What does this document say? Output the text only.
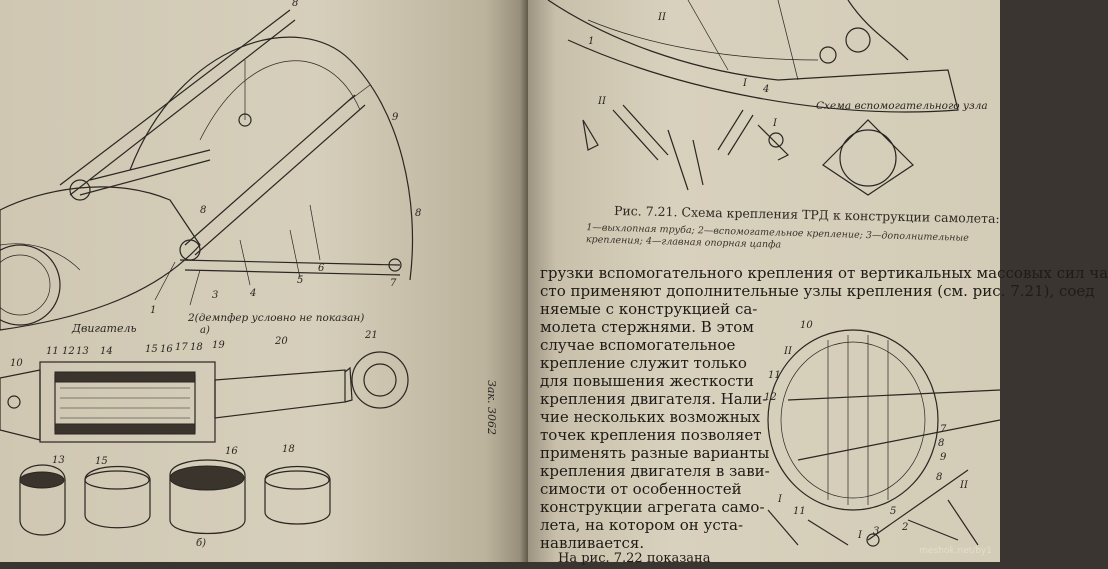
8
9
8	8
1
3	4
5
6
7
Двигатель
2(демпфер условно не показан)
а)
10
11 12 13 14	15 16 17 18 19	20
21
13	15
16	18
б)
Зак. 3062
1
II
I
4
Схема вспомогательного узла
II
I
Рис. 7.21. Схема крепления ТРД к конструкции самолета:
1—выхлопная труба; 2—вспомогательное крепление; 3—дополнительные крепления; 4—главная опорная цапфа
грузки вспомогательного крепления от вертикальных массовых сил ча
сто применяют дополнительные узлы крепления (см. рис. 7.21), соед
няемые с конструкцией са-
молета стержнями. В этом
случае вспомогательное
крепление служит только
для повышения жесткости
крепления двигателя. Нали-
чие нескольких возможных
точек крепления позволяет
применять разные варианты
крепления двигателя в зави-
симости от особенностей
конструкции агрегата само-
лета, на котором он уста-
навливается.
На рис. 7.22 показана
10
II
11
12
7
8
9
I
II
11
3
5
2
8
I
meshok.net/by1
